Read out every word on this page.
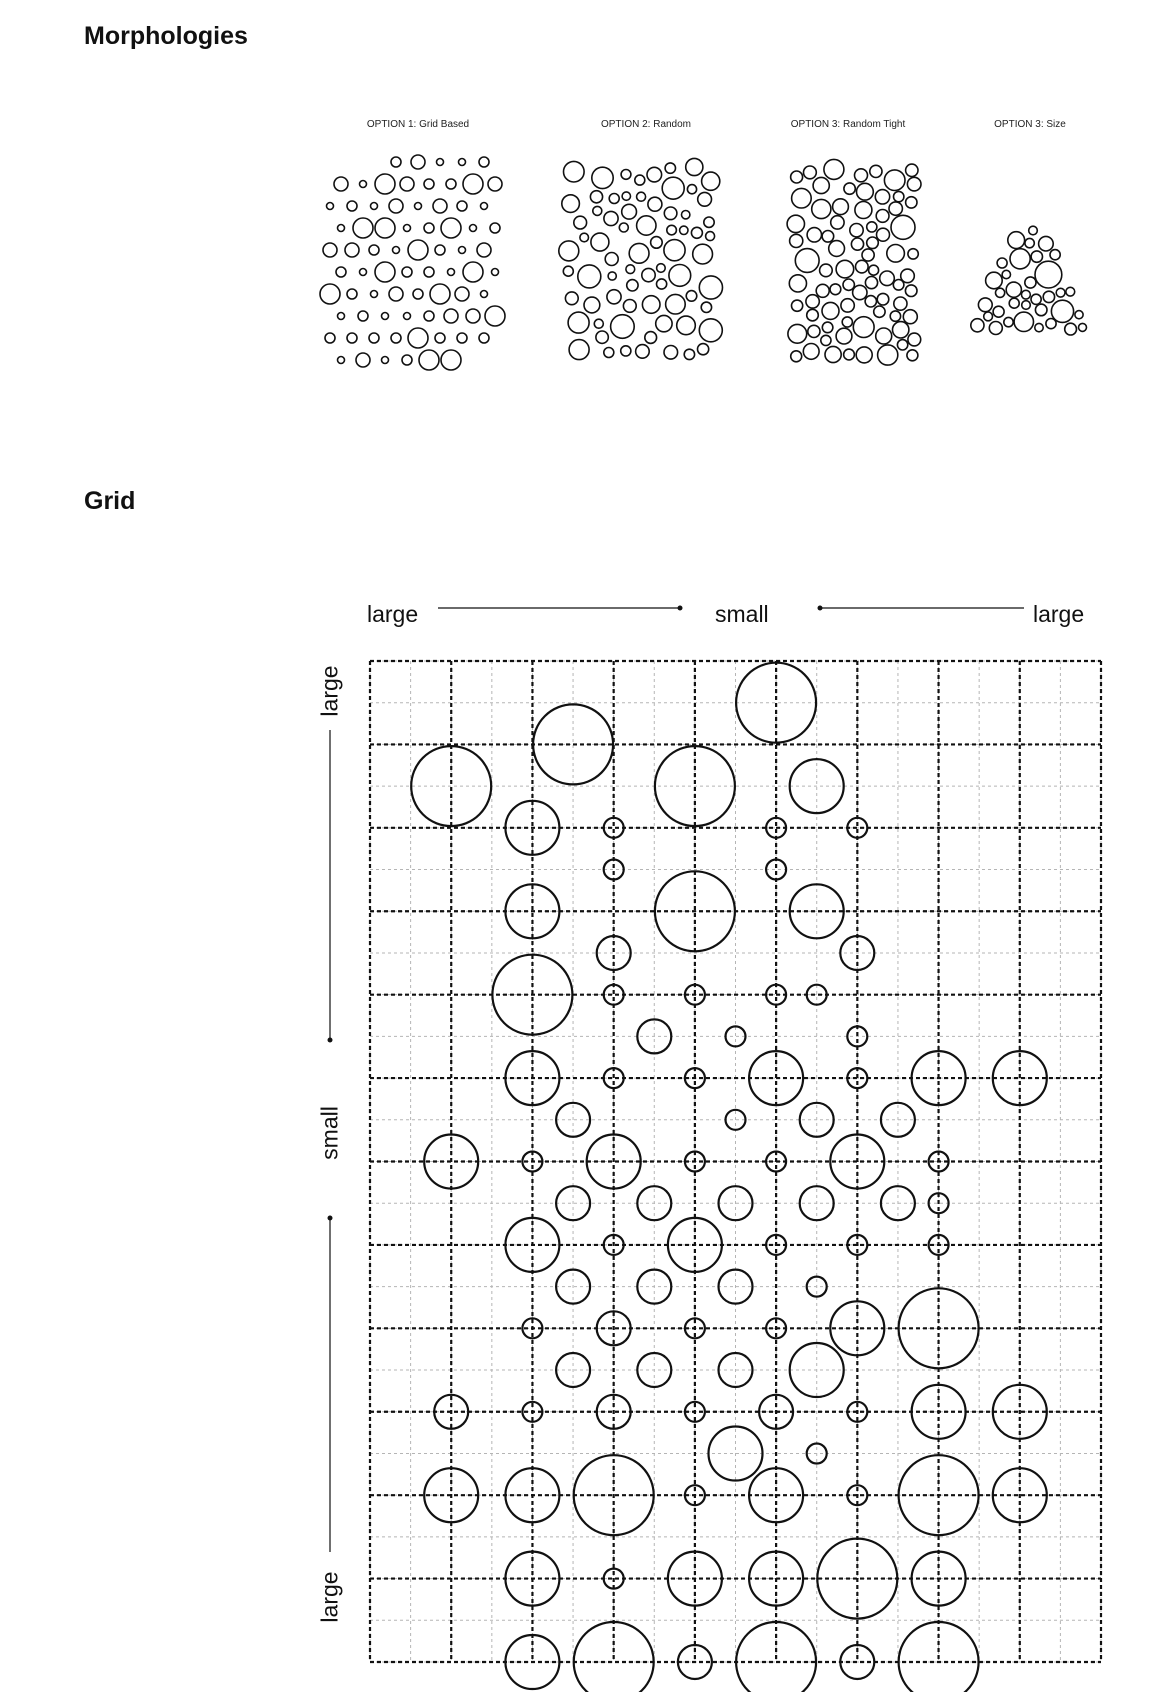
Morphologies
OPTION 1: Grid Based	OPTION 2: Random	OPTION 3: Random Tight	OPTION 3: Size
Grid
large	small	large
large
small
large
